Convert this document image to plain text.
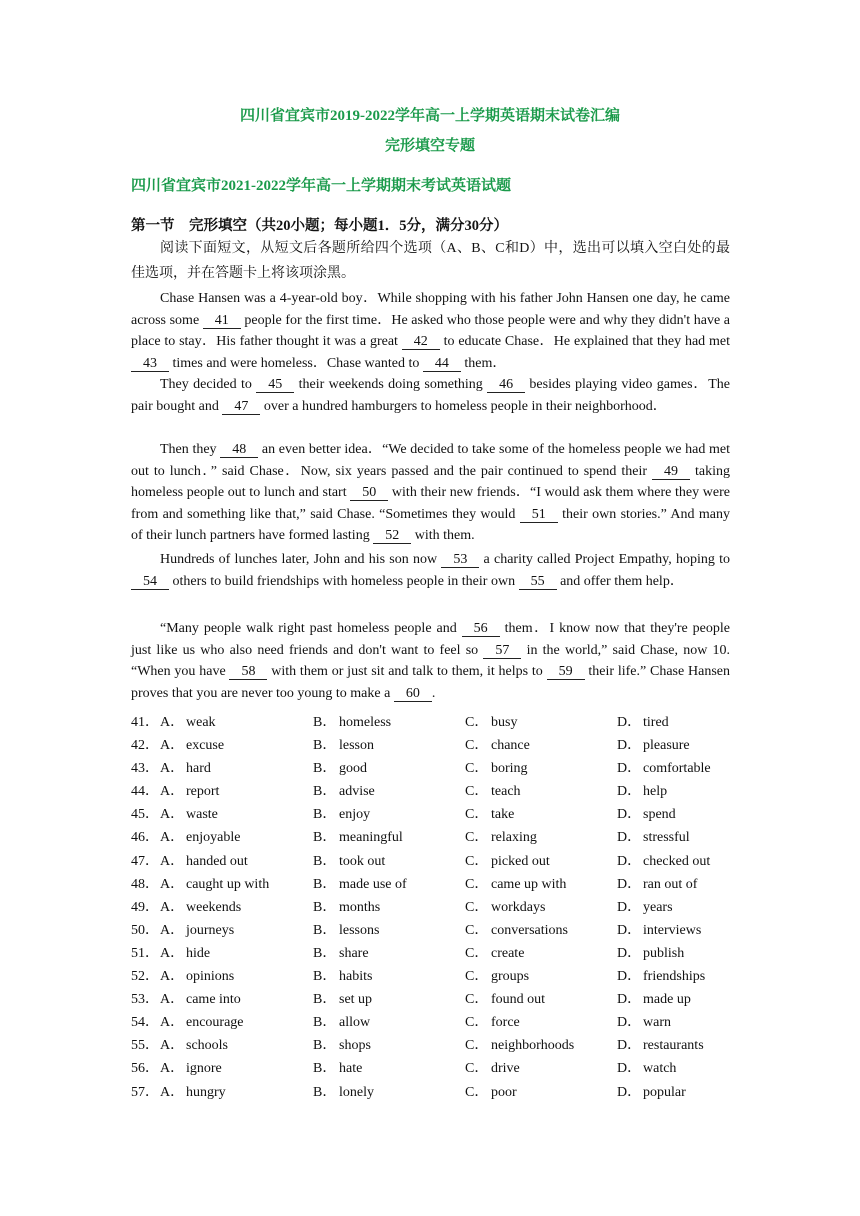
四川省宜宾市2019-2022学年高一上学期英语期末试卷汇编
完形填空专题
四川省宜宾市2021-2022学年高一上学期期末考试英语试题
第一节　完形填空（共20小题；每小题1．5分，满分30分）
阅读下面短文，从短文后各题所给四个选项（A、B、C和D）中，选出可以填入空白处的最佳选项，并在答题卡上将该项涂黑。
Chase Hansen was a 4-year-old boy．While shopping with his father John Hansen one day, he came across some 41 people for the first time．He asked who those people were and why they didn't have a place to stay．His father thought it was a great 42 to educate Chase．He explained that they had met 43 times and were homeless．Chase wanted to 44 them．
They decided to 45 their weekends doing something 46 besides playing video games．The pair bought and 47 over a hundred hamburgers to homeless people in their neighborhood．
Then they 48 an even better idea．“We decided to take some of the homeless people we had met out to lunch．” said Chase．Now, six years passed and the pair continued to spend their 49 taking homeless people out to lunch and start 50 with their new friends．“I would ask them where they were from and something like that,” said Chase. “Sometimes they would 51 their own stories.” And many of their lunch partners have formed lasting 52 with them.
Hundreds of lunches later, John and his son now 53 a charity called Project Empathy, hoping to54 others to build friendships with homeless people in their own 55 and offer them help．
“Many people walk right past homeless people and 56 them．I know now that they're people just like us who also need friends and don't want to feel so 57 in the world,” said Chase, now 10. “When you have 58 with them or just sit and talk to them, it helps to 59 their life.” Chase Hansen proves that you are never too young to make a 60 .
41． A． weak	B． homeless	C． busy	D． tired
42． A． excuse	B． lesson	C． chance	D． pleasure
43． A． hard	B． good	C． boring	D． comfortable
44． A． report	B． advise	C． teach	D． help
45． A． waste	B． enjoy	C． take	D． spend
46． A． enjoyable	B． meaningful	C． relaxing	D． stressful
47． A． handed out	B． took out	C． picked out	D． checked out
48． A． caught up with	B． made use of	C． came up with	D． ran out of
49． A． weekends	B． months	C． workdays	D． years
50． A． journeys	B． lessons	C． conversations	D． interviews
51． A． hide	B． share	C． create	D． publish
52． A． opinions	B． habits	C． groups	D． friendships
53． A． came into	B． set up	C． found out	D． made up
54． A． encourage	B． allow	C． force	D． warn
55． A． schools	B． shops	C． neighborhoods	D． restaurants
56． A． ignore	B． hate	C． drive	D． watch
57． A． hungry	B． lonely	C． poor	D． popular
